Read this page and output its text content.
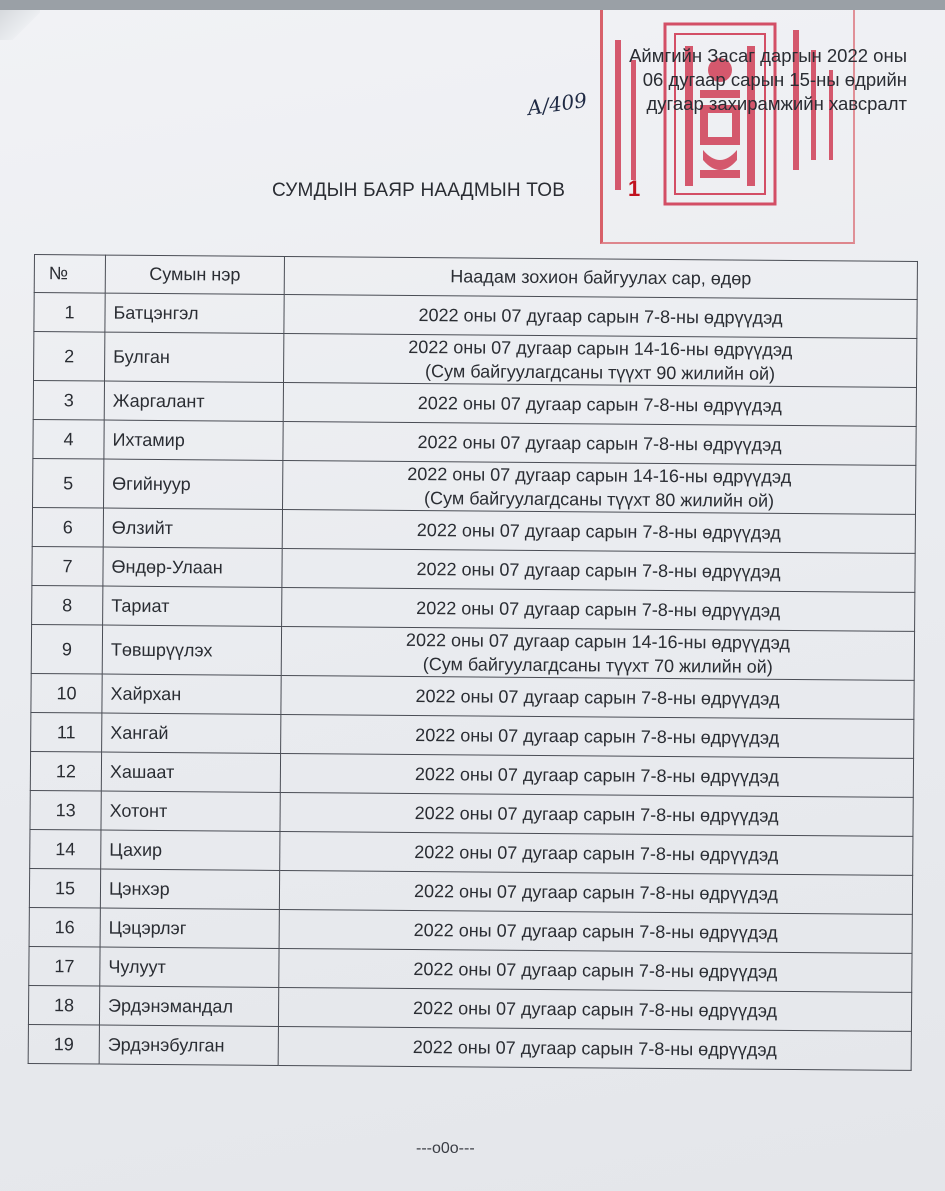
Аймгийн Засаг даргын 2022 оны
06 дугаар сарын 15-ны өдрийн
дугаар захирамжийн хавсралт
А/409
СУМДЫН БАЯР НААДМЫН ТОВ	1
№	Сумын нэр	Наадам зохион байгуулах сар, өдөр
1	Батцэнгэл	2022 оны 07 дугаар сарын 7-8-ны өдрүүдэд

2	Булган	2022 оны 07 дугаар сарын 14-16-ны өдрүүдэд
(Сум байгуулагдсаны түүхт 90 жилийн ой)

3	Жаргалант	2022 оны 07 дугаар сарын 7-8-ны өдрүүдэд

4	Ихтамир	2022 оны 07 дугаар сарын 7-8-ны өдрүүдэд

5	Өгийнуур	2022 оны 07 дугаар сарын 14-16-ны өдрүүдэд
(Сум байгуулагдсаны түүхт 80 жилийн ой)

6	Өлзийт	2022 оны 07 дугаар сарын 7-8-ны өдрүүдэд

7	Өндөр-Улаан	2022 оны 07 дугаар сарын 7-8-ны өдрүүдэд

8	Тариат	2022 оны 07 дугаар сарын 7-8-ны өдрүүдэд

9	Төвшрүүлэх	2022 оны 07 дугаар сарын 14-16-ны өдрүүдэд
(Сум байгуулагдсаны түүхт 70 жилийн ой)

10	Хайрхан	2022 оны 07 дугаар сарын 7-8-ны өдрүүдэд

11	Хангай	2022 оны 07 дугаар сарын 7-8-ны өдрүүдэд

12	Хашаат	2022 оны 07 дугаар сарын 7-8-ны өдрүүдэд

13	Хотонт	2022 оны 07 дугаар сарын 7-8-ны өдрүүдэд

14	Цахир	2022 оны 07 дугаар сарын 7-8-ны өдрүүдэд

15	Цэнхэр	2022 оны 07 дугаар сарын 7-8-ны өдрүүдэд

16	Цэцэрлэг	2022 оны 07 дугаар сарын 7-8-ны өдрүүдэд

17	Чулуут	2022 оны 07 дугаар сарын 7-8-ны өдрүүдэд

18	Эрдэнэмандал	2022 оны 07 дугаар сарын 7-8-ны өдрүүдэд

19	Эрдэнэбулган	2022 оны 07 дугаар сарын 7-8-ны өдрүүдэд
---o0o---
